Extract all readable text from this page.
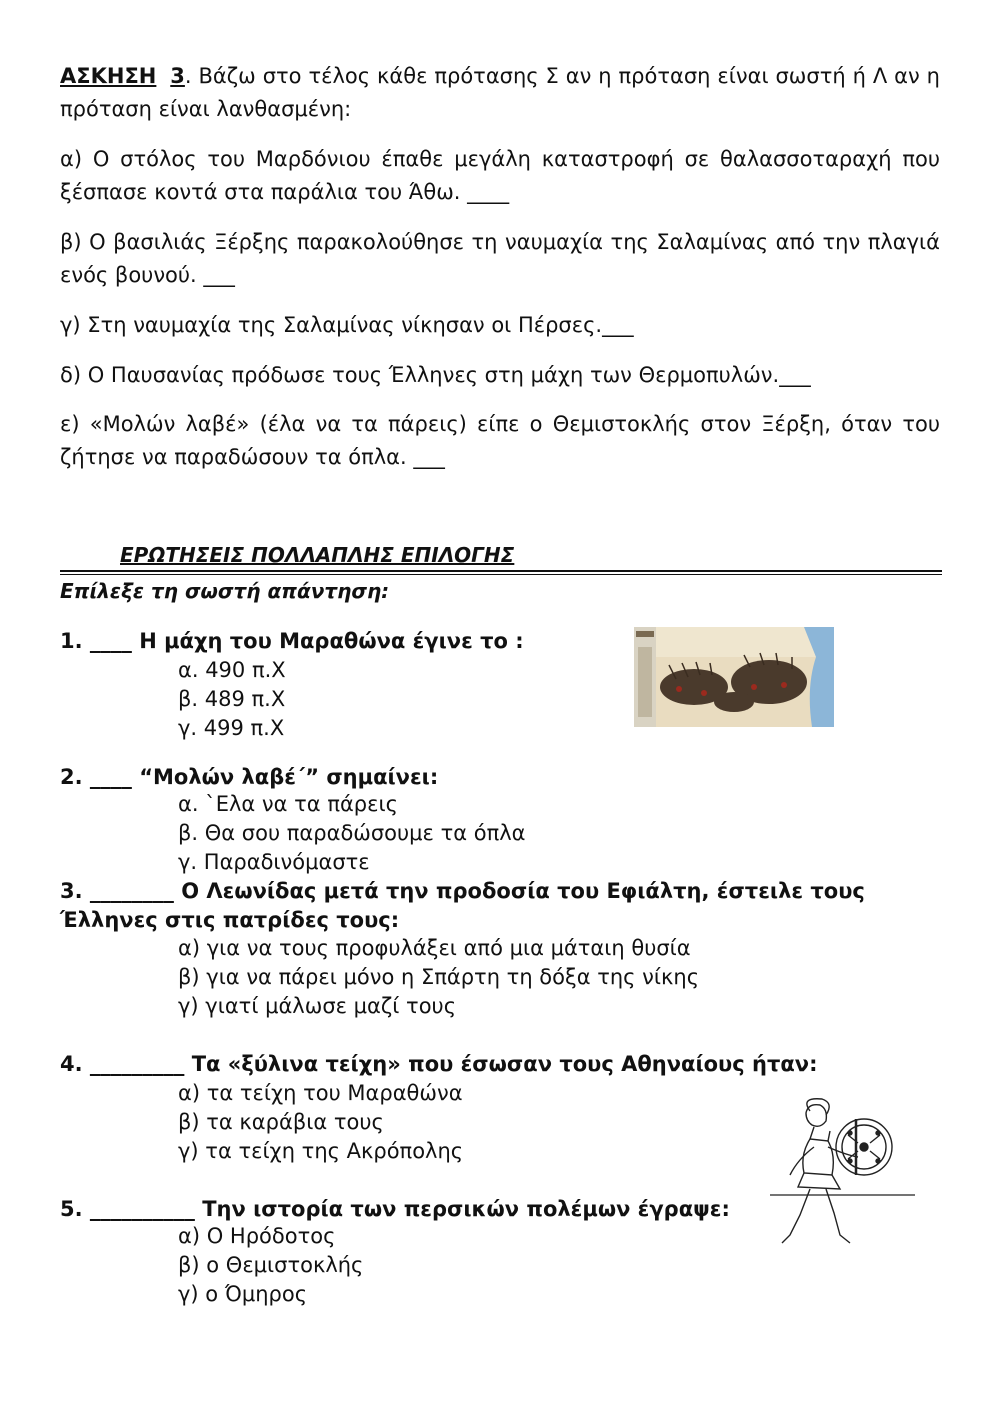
ΑΣΚΗΣΗ 3. Βάζω στο τέλος κάθε πρότασης Σ αν η πρόταση είναι σωστή ή Λ αν η πρόταση είναι λανθασμένη:

α) Ο στόλος του Μαρδόνιου έπαθε μεγάλη καταστροφή σε θαλασσοταραχή που ξέσπασε κοντά στα παράλια του Άθω. ____

β) Ο βασιλιάς Ξέρξης παρακολούθησε τη ναυμαχία της Σαλαμίνας από την πλαγιά ενός βουνού. ___

γ) Στη ναυμαχία της Σαλαμίνας νίκησαν οι Πέρσες.___

δ) Ο Παυσανίας πρόδωσε τους Έλληνες στη μάχη των Θερμοπυλών.___

ε) «Μολών λαβέ» (έλα να τα πάρεις) είπε ο Θεμιστοκλής στον Ξέρξη, όταν του ζήτησε να παραδώσουν τα όπλα. ___

ΕΡΩΤΗΣΕΙΣ ΠΟΛΛΑΠΛΗΣ ΕΠΙΛΟΓΗΣ

Επίλεξε τη σωστή απάντηση:

1. ____ Η μάχη του Μαραθώνα έγινε το :

α. 490 π.Χ
β. 489 π.Χ
γ. 499 π.Χ

2. ____ “Μολών λαβέ΄” σημαίνει:

α. `Ελα να τα πάρεις
β. Θα σου παραδώσουμε τα όπλα
γ. Παραδινόμαστε

3. ________ Ο Λεωνίδας μετά την προδοσία του Εφιάλτη, έστειλε τους Έλληνες στις πατρίδες τους:

α) για να τους προφυλάξει από μια μάταιη θυσία
β) για να πάρει μόνο η Σπάρτη τη δόξα της νίκης
γ) γιατί μάλωσε μαζί τους

4. _________ Τα «ξύλινα τείχη» που έσωσαν τους Αθηναίους ήταν:

α) τα τείχη του Μαραθώνα
β) τα καράβια τους
γ) τα τείχη της Ακρόπολης

5. __________ Την ιστορία των περσικών πολέμων έγραψε:

α) Ο Ηρόδοτος
β) ο Θεμιστοκλής
γ) ο Όμηρος
